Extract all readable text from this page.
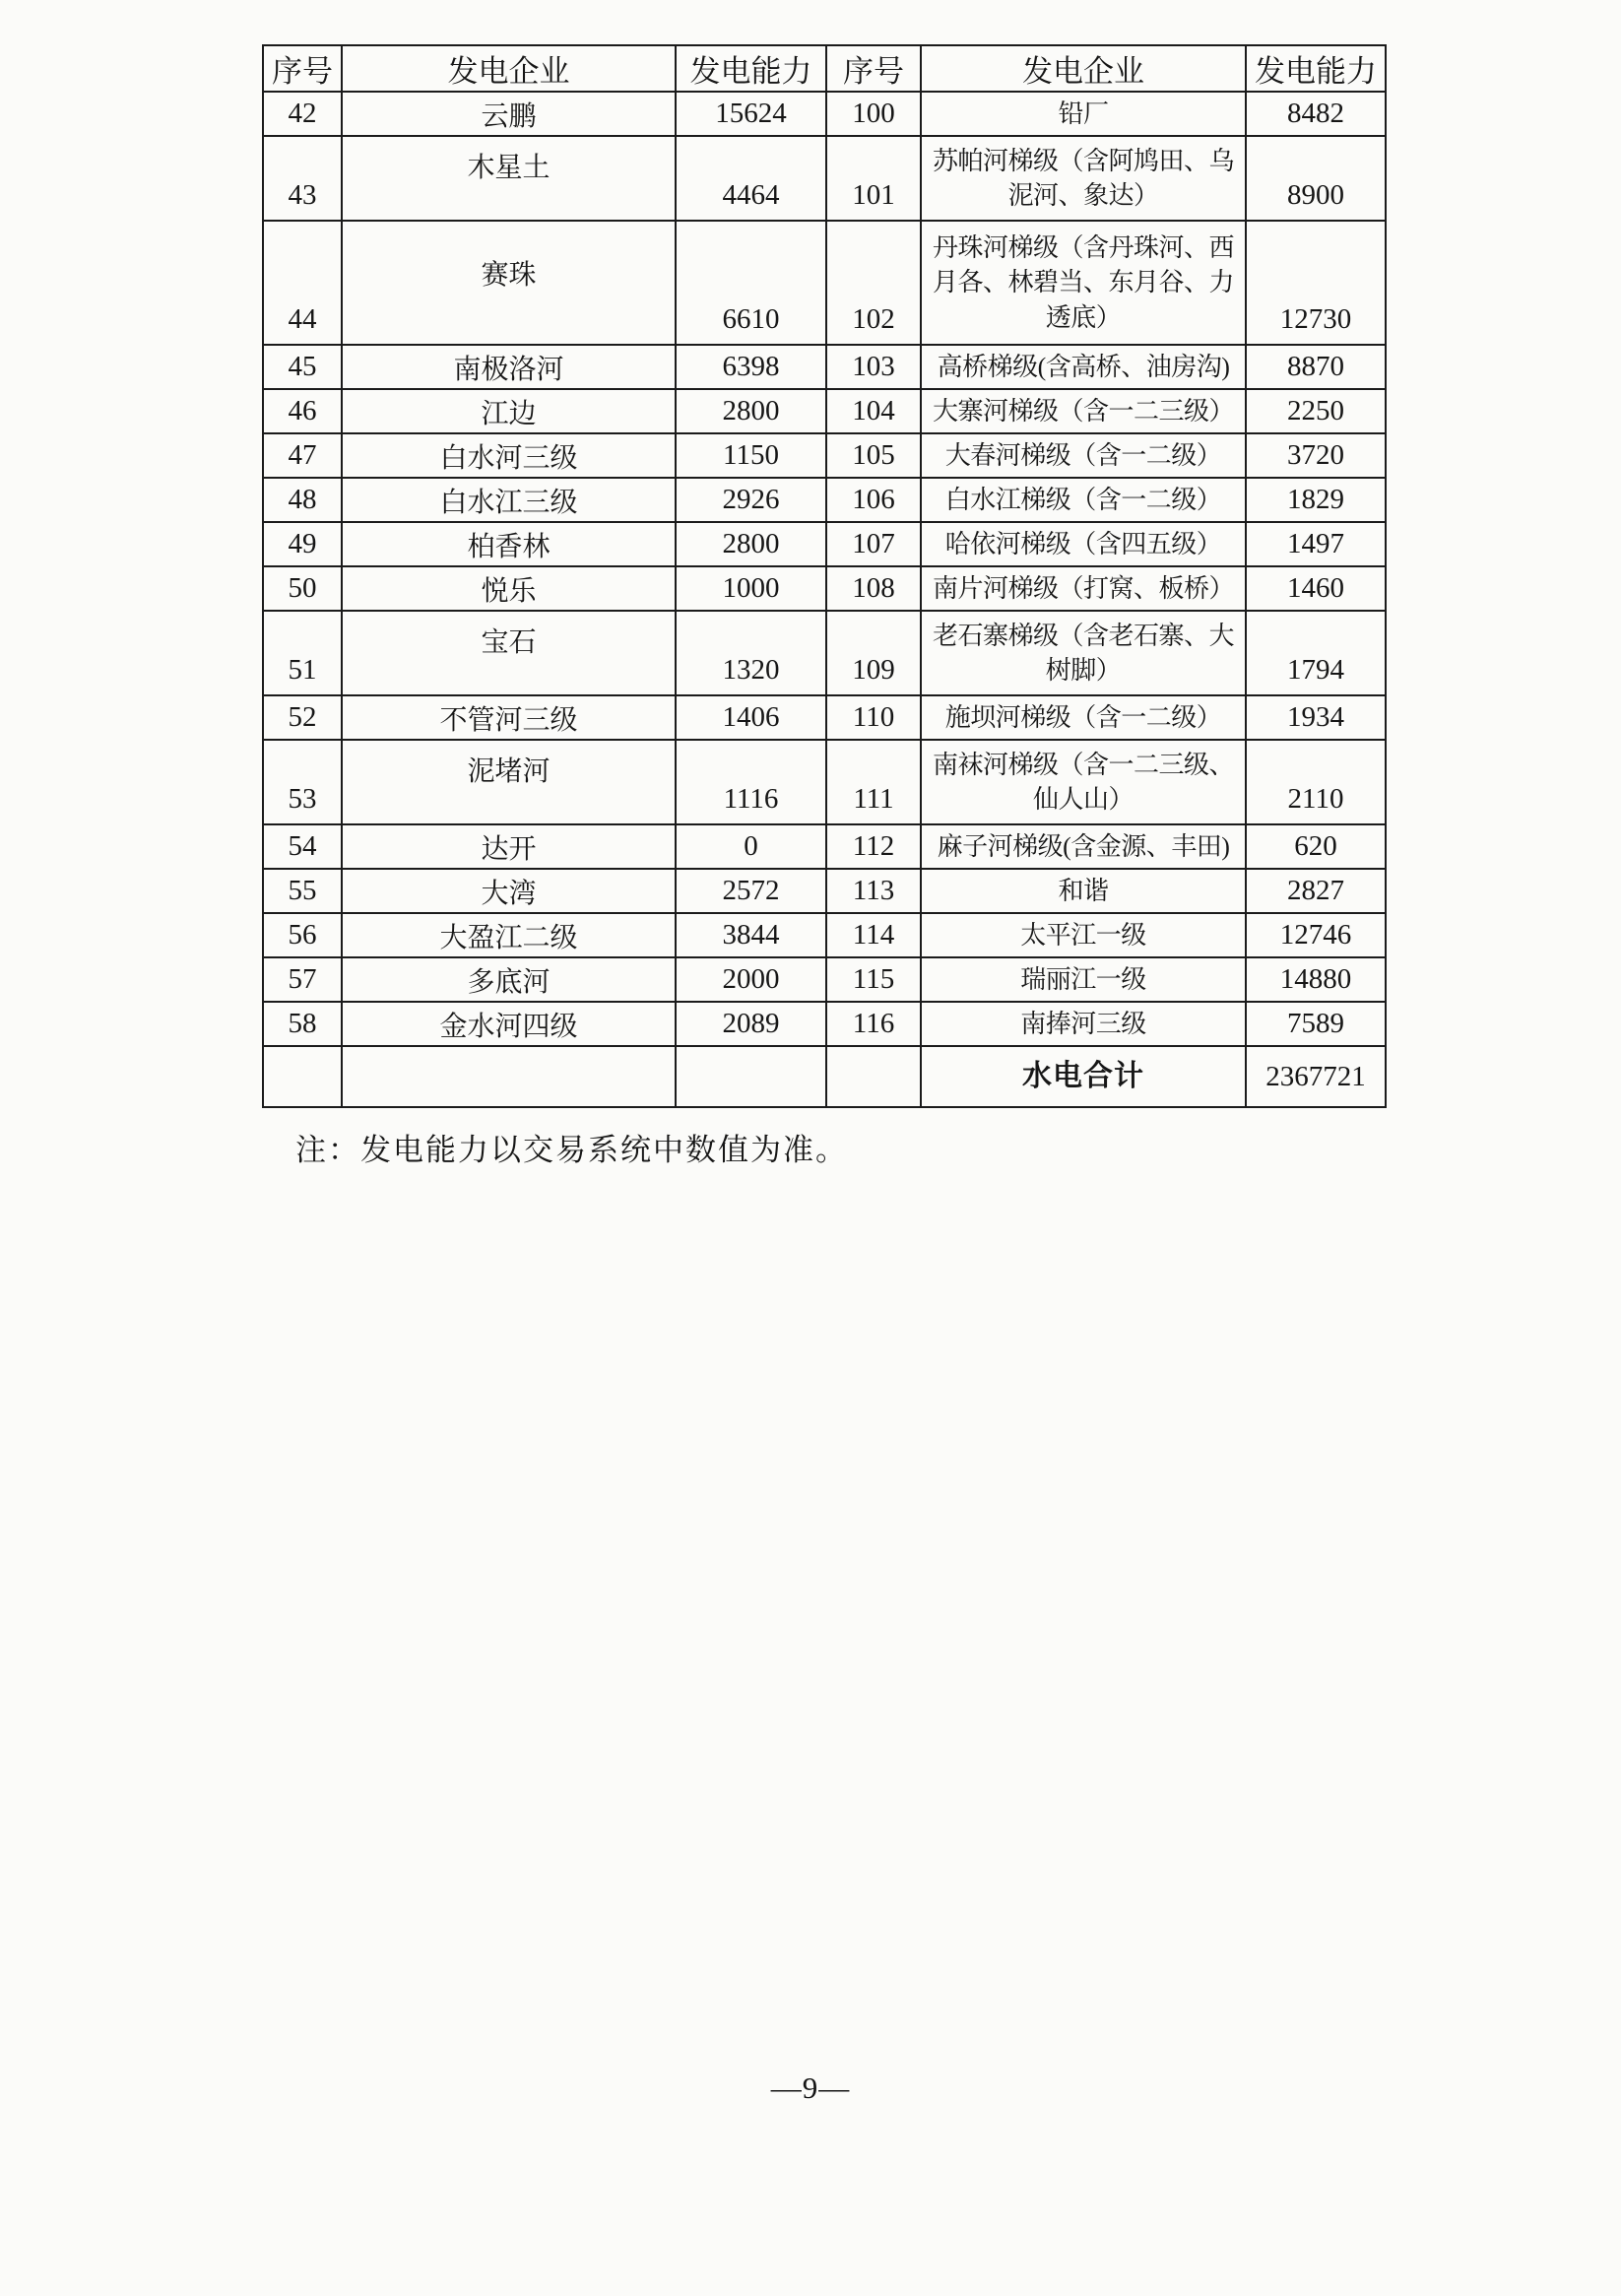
序号	发电企业	发电能力	序号	发电企业	发电能力
42	云鹏	15624	100	铅厂	8482
43	木星土	4464	101	苏帕河梯级（含阿鸠田、乌泥河、象达）	8900
44	赛珠	6610	102	丹珠河梯级（含丹珠河、西月各、林碧当、东月谷、力透底）	12730
45	南极洛河	6398	103	高桥梯级(含高桥、油房沟)	8870
46	江边	2800	104	大寨河梯级（含一二三级）	2250
47	白水河三级	1150	105	大春河梯级（含一二级）	3720
48	白水江三级	2926	106	白水江梯级（含一二级）	1829
49	柏香林	2800	107	哈依河梯级（含四五级）	1497
50	悦乐	1000	108	南片河梯级（打窝、板桥）	1460
51	宝石	1320	109	老石寨梯级（含老石寨、大树脚）	1794
52	不管河三级	1406	110	施坝河梯级（含一二级）	1934
53	泥堵河	1116	111	南袜河梯级（含一二三级、仙人山）	2110
54	达开	0	112	麻子河梯级(含金源、丰田)	620
55	大湾	2572	113	和谐	2827
56	大盈江二级	3844	114	太平江一级	12746
57	多底河	2000	115	瑞丽江一级	14880
58	金水河四级	2089	116	南捧河三级	7589
				水电合计	2367721
注：发电能力以交易系统中数值为准。
—9—
